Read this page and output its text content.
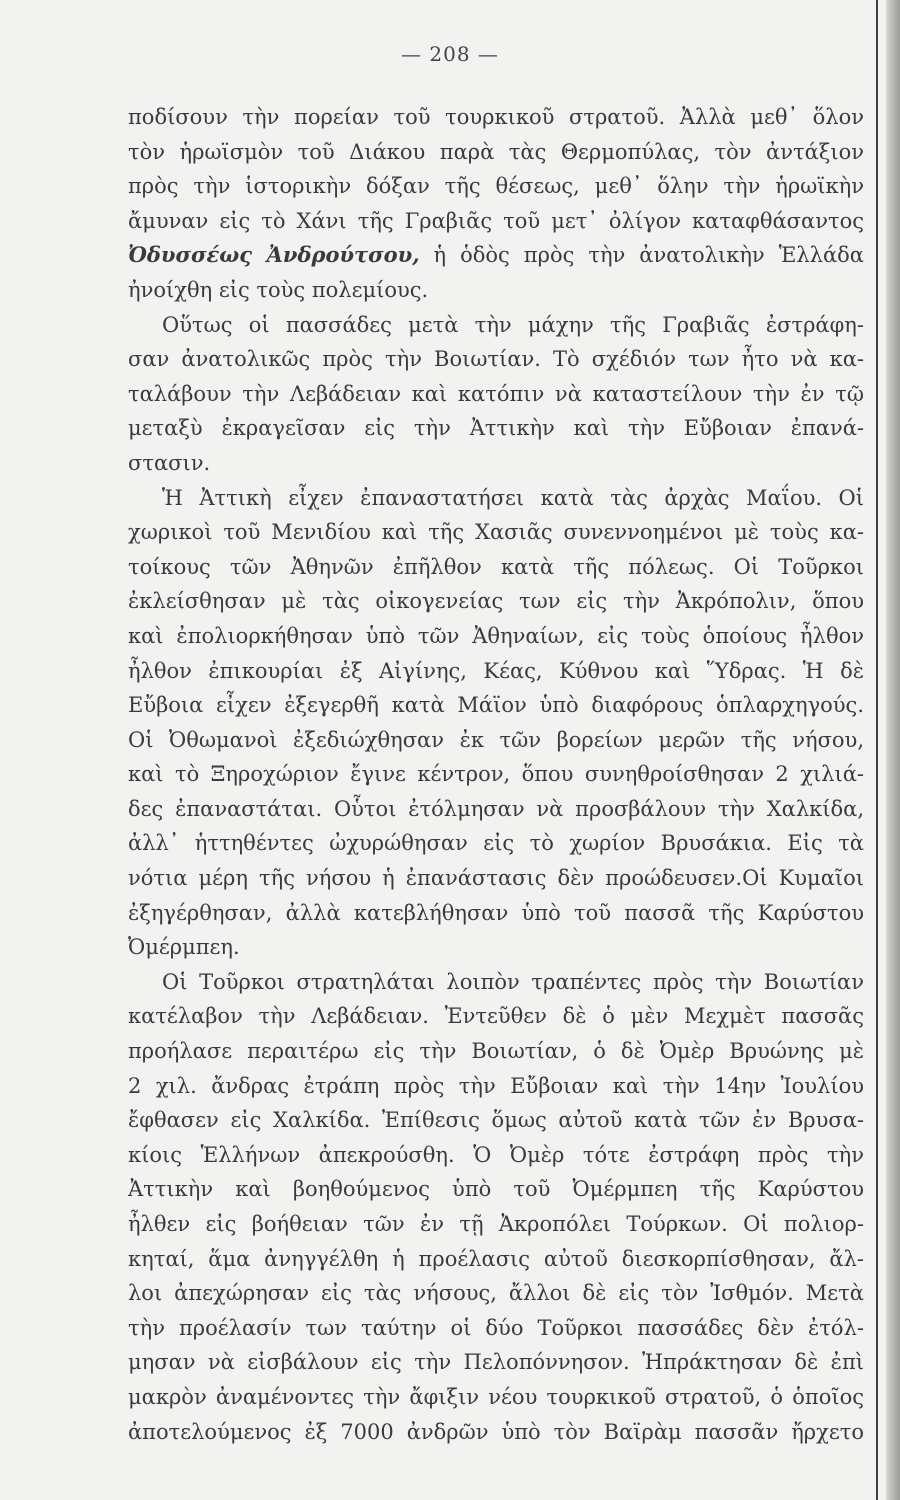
— 208 —
ποδίσουν τὴν πορείαν τοῦ τουρκικοῦ στρατοῦ. Ἀλλὰ μεθ᾽ ὅλον
τὸν ἡρωϊσμὸν τοῦ Διάκου παρὰ τὰς Θερμοπύλας, τὸν ἀντάξιον
πρὸς τὴν ἱστορικὴν δόξαν τῆς θέσεως, μεθ᾽ ὅλην τὴν ἡρωϊκὴν
ἄμυναν εἰς τὸ Χάνι τῆς Γραβιᾶς τοῦ μετ᾽ ὀλίγον καταφθάσαντος
Ὀδυσσέως Ἀνδρούτσου, ἡ ὁδὸς πρὸς τὴν ἀνατολικὴν Ἑλλάδα
ἠνοίχθη εἰς τοὺς πολεμίους.
Οὕτως οἱ πασσάδες μετὰ τὴν μάχην τῆς Γραβιᾶς ἐστράφη-
σαν ἀνατολικῶς πρὸς τὴν Βοιωτίαν. Τὸ σχέδιόν των ἦτο νὰ κα-
ταλάβουν τὴν Λεβάδειαν καὶ κατόπιν νὰ καταστείλουν τὴν ἐν τῷ
μεταξὺ ἐκραγεῖσαν εἰς τὴν Ἀττικὴν καὶ τὴν Εὔβοιαν ἐπανά-
στασιν.
Ἡ Ἀττικὴ εἶχεν ἐπαναστατήσει κατὰ τὰς ἀρχὰς Μαΐου. Οἱ
χωρικοὶ τοῦ Μενιδίου καὶ τῆς Χασιᾶς συνεννοημένοι μὲ τοὺς κα-
τοίκους τῶν Ἀθηνῶν ἐπῆλθον κατὰ τῆς πόλεως. Οἱ Τοῦρκοι
ἐκλείσθησαν μὲ τὰς οἰκογενείας των εἰς τὴν Ἀκρόπολιν, ὅπου
καὶ ἐπολιορκήθησαν ὑπὸ τῶν Ἀθηναίων, εἰς τοὺς ὁποίους ἦλθον
ἦλθον ἐπικουρίαι ἐξ Αἰγίνης, Κέας, Κύθνου καὶ Ὕδρας. Ἡ δὲ
Εὔβοια εἶχεν ἐξεγερθῆ κατὰ Μάϊον ὑπὸ διαφόρους ὁπλαρχηγούς.
Οἱ Ὀθωμανοὶ ἐξεδιώχθησαν ἐκ τῶν βορείων μερῶν τῆς νήσου,
καὶ τὸ Ξηροχώριον ἔγινε κέντρον, ὅπου συνηθροίσθησαν 2 χιλιά-
δες ἐπαναστάται. Οὗτοι ἐτόλμησαν νὰ προσβάλουν τὴν Χαλκίδα,
ἀλλ᾽ ἡττηθέντες ὠχυρώθησαν εἰς τὸ χωρίον Βρυσάκια. Εἰς τὰ
νότια μέρη τῆς νήσου ἡ ἐπανάστασις δὲν προώδευσεν.Οἱ Κυμαῖοι
ἐξηγέρθησαν, ἀλλὰ κατεβλήθησαν ὑπὸ τοῦ πασσᾶ τῆς Καρύστου
Ὀμέρμπεη.
Οἱ Τοῦρκοι στρατηλάται λοιπὸν τραπέντες πρὸς τὴν Βοιωτίαν
κατέλαβον τὴν Λεβάδειαν. Ἐντεῦθεν δὲ ὁ μὲν Μεχμὲτ πασσᾶς
προήλασε περαιτέρω εἰς τὴν Βοιωτίαν, ὁ δὲ Ὀμὲρ Βρυώνης μὲ
2 χιλ. ἄνδρας ἐτράπη πρὸς τὴν Εὔβοιαν καὶ τὴν 14ην Ἰουλίου
ἔφθασεν εἰς Χαλκίδα. Ἐπίθεσις ὅμως αὐτοῦ κατὰ τῶν ἐν Βρυσα-
κίοις Ἑλλήνων ἀπεκρούσθη. Ὁ Ὀμὲρ τότε ἐστράφη πρὸς τὴν
Ἀττικὴν καὶ βοηθούμενος ὑπὸ τοῦ Ὀμέρμπεη τῆς Καρύστου
ἦλθεν εἰς βοήθειαν τῶν ἐν τῇ Ἀκροπόλει Τούρκων. Οἱ πολιορ-
κηταί, ἅμα ἀνηγγέλθη ἡ προέλασις αὐτοῦ διεσκορπίσθησαν, ἄλ-
λοι ἀπεχώρησαν εἰς τὰς νήσους, ἄλλοι δὲ εἰς τὸν Ἰσθμόν. Μετὰ
τὴν προέλασίν των ταύτην οἱ δύο Τοῦρκοι πασσάδες δὲν ἐτόλ-
μησαν νὰ εἰσβάλουν εἰς τὴν Πελοπόννησον. Ἠπράκτησαν δὲ ἐπὶ
μακρὸν ἀναμένοντες τὴν ἄφιξιν νέου τουρκικοῦ στρατοῦ, ὁ ὁποῖος
ἀποτελούμενος ἐξ 7000 ἀνδρῶν ὑπὸ τὸν Βαϊρὰμ πασσᾶν ἤρχετο
